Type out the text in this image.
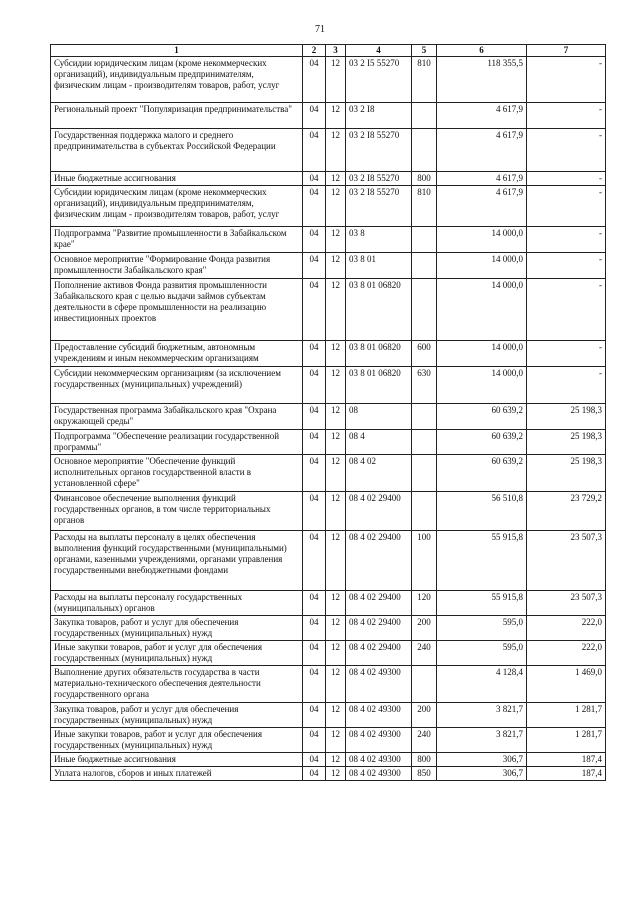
71
1	2	3	4	5	6	7
Субсидии юридическим лицам (кроме некоммерческих организаций), индивидуальным предпринимателям, физическим лицам - производителям товаров, работ, услуг	04	12	03 2 I5 55270	810	118 355,5	-
Региональный проект "Популяризация предпринимательства"	04	12	03 2 I8		4 617,9	-
Государственная поддержка малого и среднего предпринимательства в субъектах Российской Федерации	04	12	03 2 I8 55270		4 617,9	-
Иные бюджетные ассигнования	04	12	03 2 I8 55270	800	4 617,9	-
Субсидии юридическим лицам (кроме некоммерческих организаций), индивидуальным предпринимателям, физическим лицам - производителям товаров, работ, услуг	04	12	03 2 I8 55270	810	4 617,9	-
Подпрограмма "Развитие промышленности в Забайкальском крае"	04	12	03 8		14 000,0	-
Основное мероприятие "Формирование Фонда развития промышленности Забайкальского края"	04	12	03 8 01		14 000,0	-
Пополнение активов Фонда развития промышленности Забайкальского края с целью выдачи займов субъектам деятельности в сфере промышленности на реализацию инвестиционных проектов	04	12	03 8 01 06820		14 000,0	-
Предоставление субсидий бюджетным, автономным учреждениям и иным некоммерческим организациям	04	12	03 8 01 06820	600	14 000,0	-
Субсидии некоммерческим организациям (за исключением государственных (муниципальных) учреждений)	04	12	03 8 01 06820	630	14 000,0	-
Государственная программа Забайкальского края "Охрана окружающей среды"	04	12	08		60 639,2	25 198,3
Подпрограмма "Обеспечение реализации государственной программы"	04	12	08 4		60 639,2	25 198,3
Основное мероприятие "Обеспечение функций исполнительных органов государственной власти в установленной сфере"	04	12	08 4 02		60 639,2	25 198,3
Финансовое обеспечение выполнения функций государственных органов, в том числе территориальных органов	04	12	08 4 02 29400		56 510,8	23 729,2
Расходы на выплаты персоналу в целях обеспечения выполнения функций государственными (муниципальными) органами, казенными учреждениями, органами управления государственными внебюджетными фондами	04	12	08 4 02 29400	100	55 915,8	23 507,3
Расходы на выплаты персоналу государственных (муниципальных) органов	04	12	08 4 02 29400	120	55 915,8	23 507,3
Закупка товаров, работ и услуг для обеспечения государственных (муниципальных) нужд	04	12	08 4 02 29400	200	595,0	222,0
Иные закупки товаров, работ и услуг для обеспечения государственных (муниципальных) нужд	04	12	08 4 02 29400	240	595,0	222,0
Выполнение других обязательств государства в части материально-технического обеспечения деятельности государственного органа	04	12	08 4 02 49300		4 128,4	1 469,0
Закупка товаров, работ и услуг для обеспечения государственных (муниципальных) нужд	04	12	08 4 02 49300	200	3 821,7	1 281,7
Иные закупки товаров, работ и услуг для обеспечения государственных (муниципальных) нужд	04	12	08 4 02 49300	240	3 821,7	1 281,7
Иные бюджетные ассигнования	04	12	08 4 02 49300	800	306,7	187,4
Уплата налогов, сборов и иных платежей	04	12	08 4 02 49300	850	306,7	187,4
